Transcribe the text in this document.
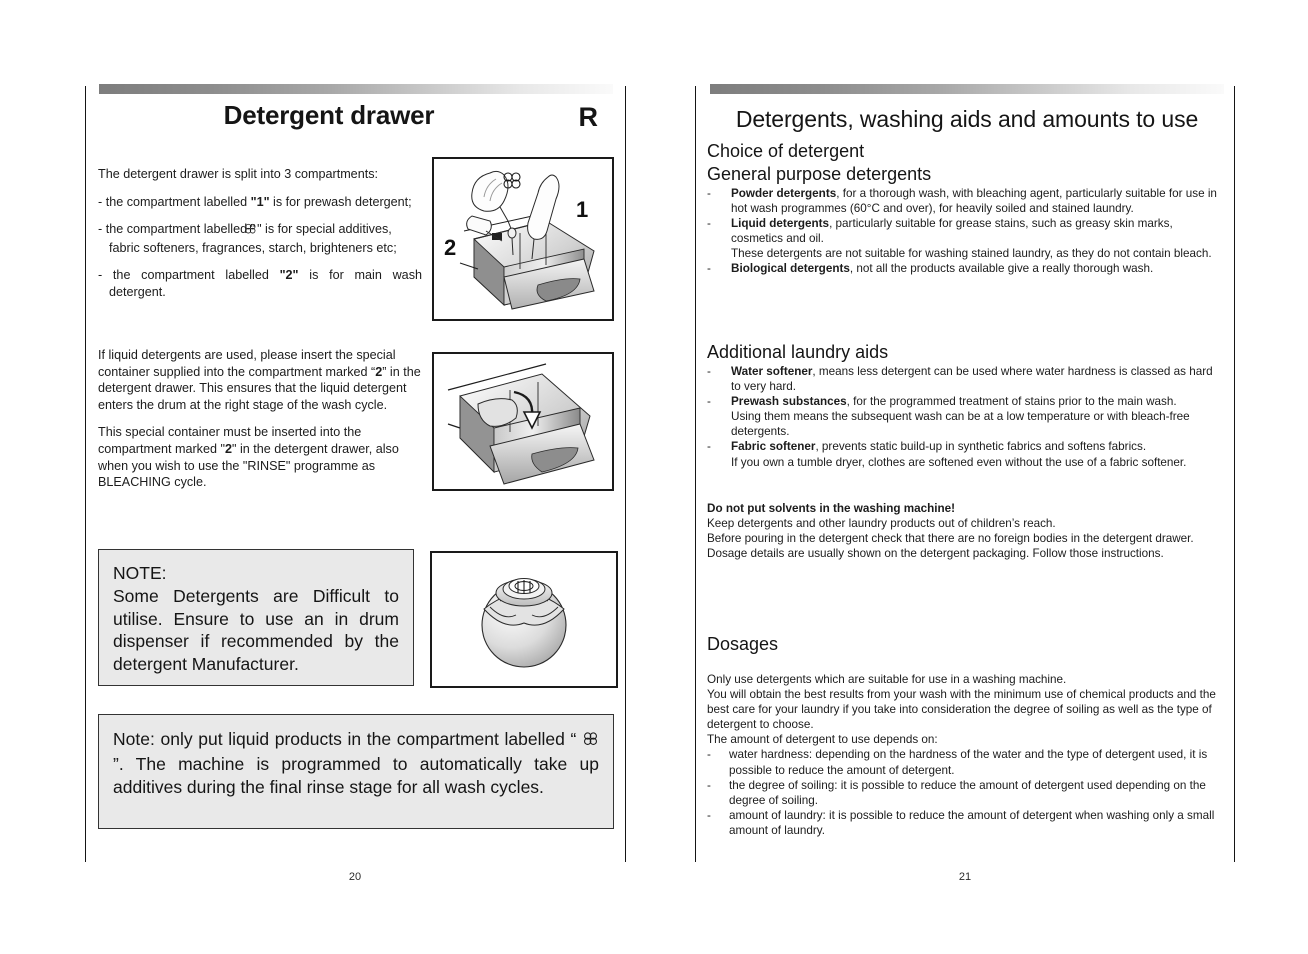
Detergent drawer	R

The detergent drawer is split into 3 compartments:

- the compartment labelled "1" is for prewash detergent;

- the compartment labelled " " is for special additives, fabric softeners, fragrances, starch, brighteners etc;

- the compartment labelled "2" is for main wash detergent.

2
1

If liquid detergents are used, please insert the special container supplied into the compartment marked “2” in the detergent drawer. This ensures that the liquid detergent enters the drum at the right stage of the wash cycle.

This special container must be inserted into the compartment marked "2" in the detergent drawer, also when you wish to use the "RINSE" programme as BLEACHING cycle.

NOTE:
Some Detergents are Difficult to utilise. Ensure to use an in drum dispenser if recommended by the detergent Manufacturer.
Note: only put liquid products in the compartment labelled “  ”. The machine is programmed to automatically take up additives during the final rinse stage for all wash cycles.
20
Detergents, washing aids and amounts to use
Choice of detergent
General purpose detergents

- Powder detergents, for a thorough wash, with bleaching agent, particularly suitable for use in hot wash programmes (60°C and over), for heavily soiled and stained laundry.

- Liquid detergents, particularly suitable for grease stains, such as greasy skin marks, cosmetics and oil.

These detergents are not suitable for washing stained laundry, as they do not contain bleach.

- Biological detergents, not all the products available give a really thorough wash.

Additional laundry aids

- Water softener, means less detergent can be used where water hardness is classed as hard to very hard.

- Prewash substances, for the programmed treatment of stains prior to the main wash.

Using them means the subsequent wash can be at a low temperature or with bleach-free detergents.

- Fabric softener, prevents static build-up in synthetic fabrics and softens fabrics.

If you own a tumble dryer, clothes are softened even without the use of a fabric softener.

Do not put solvents in the washing machine!

Keep detergents and other laundry products out of children’s reach.

Before pouring in the detergent check that there are no foreign bodies in the detergent drawer.

Dosage details are usually shown on the detergent packaging. Follow those instructions.

Dosages

Only use detergents which are suitable for use in a washing machine.

You will obtain the best results from your wash with the minimum use of chemical products and the best care for your laundry if you take into consideration the degree of soiling as well as the type of detergent to choose.

The amount of detergent to use depends on:

- water hardness: depending on the hardness of the water and the type of detergent used, it is possible to reduce the amount of detergent.

- the degree of soiling: it is possible to reduce the amount of detergent used depending on the degree of soiling.

- amount of laundry: it is possible to reduce the amount of detergent when washing only a small amount of laundry.

21
